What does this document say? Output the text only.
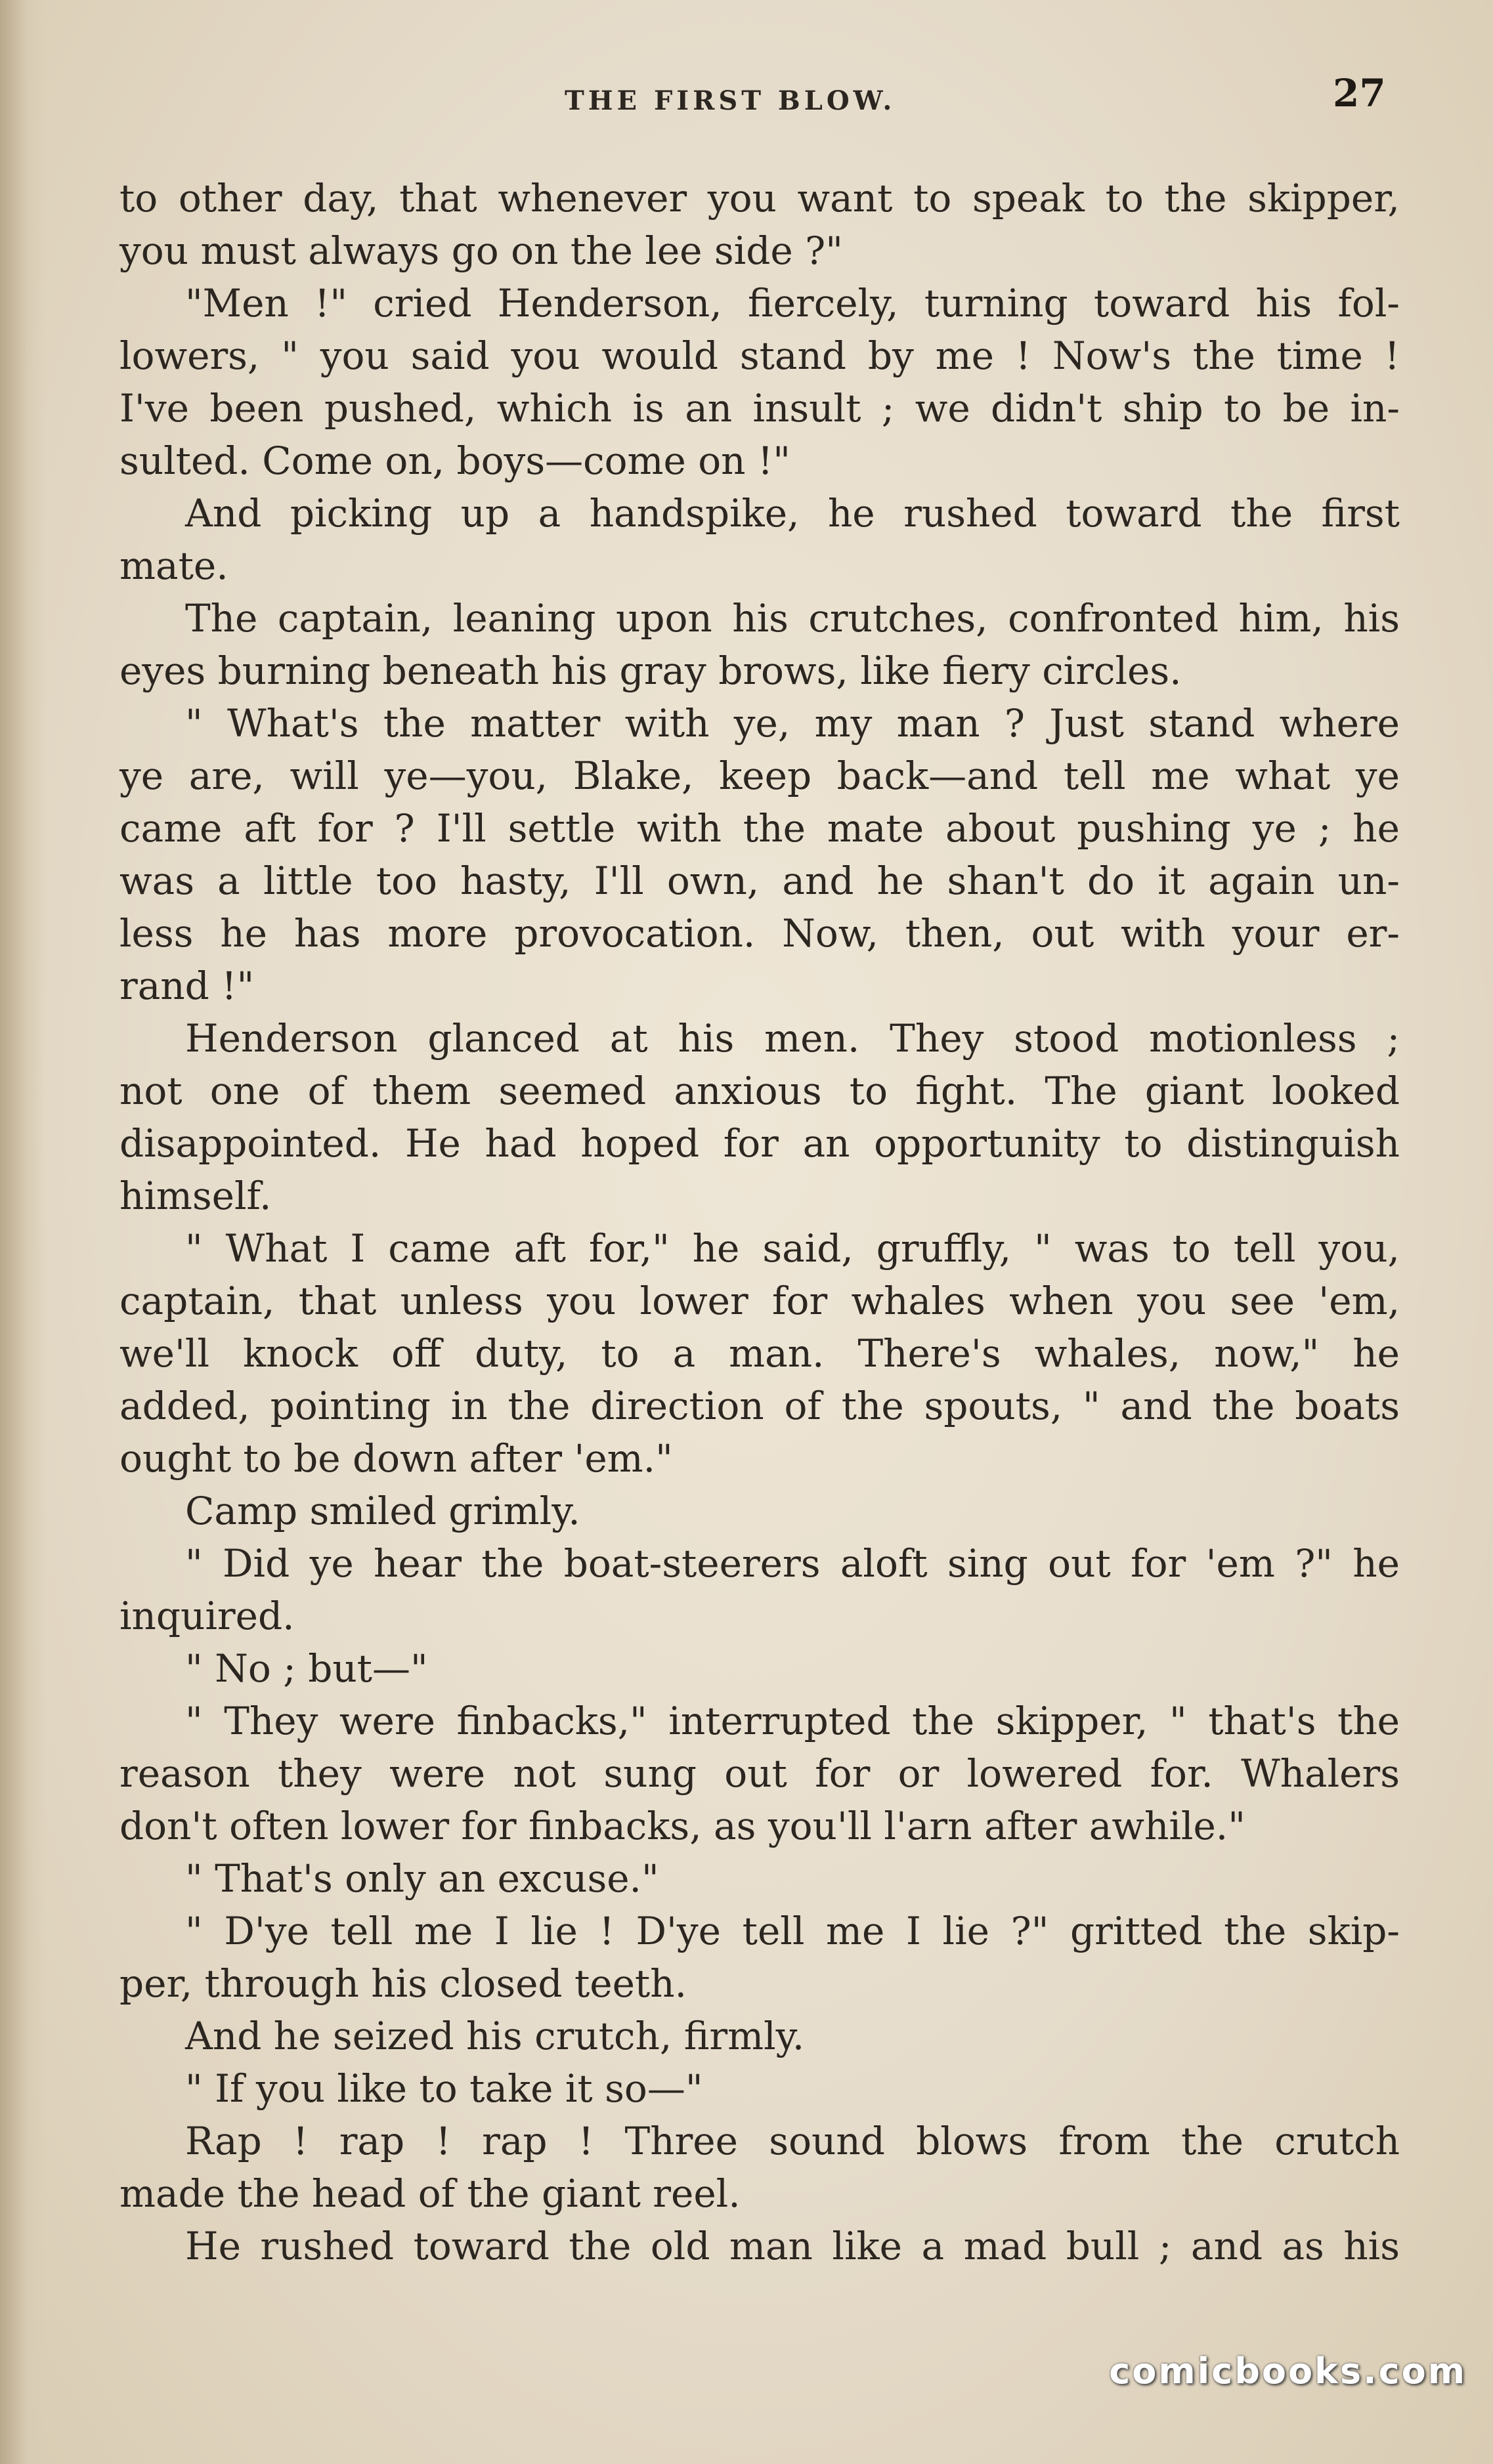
THE FIRST BLOW.	27
to other day, that whenever you want to speak to the skipper,
you must always go on the lee side ?"
"Men !" cried Henderson, fiercely, turning toward his fol-
lowers, " you said you would stand by me ! Now's the time !
I've been pushed, which is an insult ; we didn't ship to be in-
sulted. Come on, boys—come on !"
And picking up a handspike, he rushed toward the first
mate.
The captain, leaning upon his crutches, confronted him, his
eyes burning beneath his gray brows, like fiery circles.
" What's the matter with ye, my man ? Just stand where
ye are, will ye—you, Blake, keep back—and tell me what ye
came aft for ? I'll settle with the mate about pushing ye ; he
was a little too hasty, I'll own, and he shan't do it again un-
less he has more provocation. Now, then, out with your er-
rand !"
Henderson glanced at his men. They stood motionless ;
not one of them seemed anxious to fight. The giant looked
disappointed. He had hoped for an opportunity to distinguish
himself.
" What I came aft for," he said, gruffly, " was to tell you,
captain, that unless you lower for whales when you see 'em,
we'll knock off duty, to a man. There's whales, now," he
added, pointing in the direction of the spouts, " and the boats
ought to be down after 'em."
Camp smiled grimly.
" Did ye hear the boat-steerers aloft sing out for 'em ?" he
inquired.
" No ; but—"
" They were finbacks," interrupted the skipper, " that's the
reason they were not sung out for or lowered for. Whalers
don't often lower for finbacks, as you'll l'arn after awhile."
" That's only an excuse."
" D'ye tell me I lie ! D'ye tell me I lie ?" gritted the skip-
per, through his closed teeth.
And he seized his crutch, firmly.
" If you like to take it so—"
Rap ! rap ! rap ! Three sound blows from the crutch
made the head of the giant reel.
He rushed toward the old man like a mad bull ; and as his
comicbooks.com
